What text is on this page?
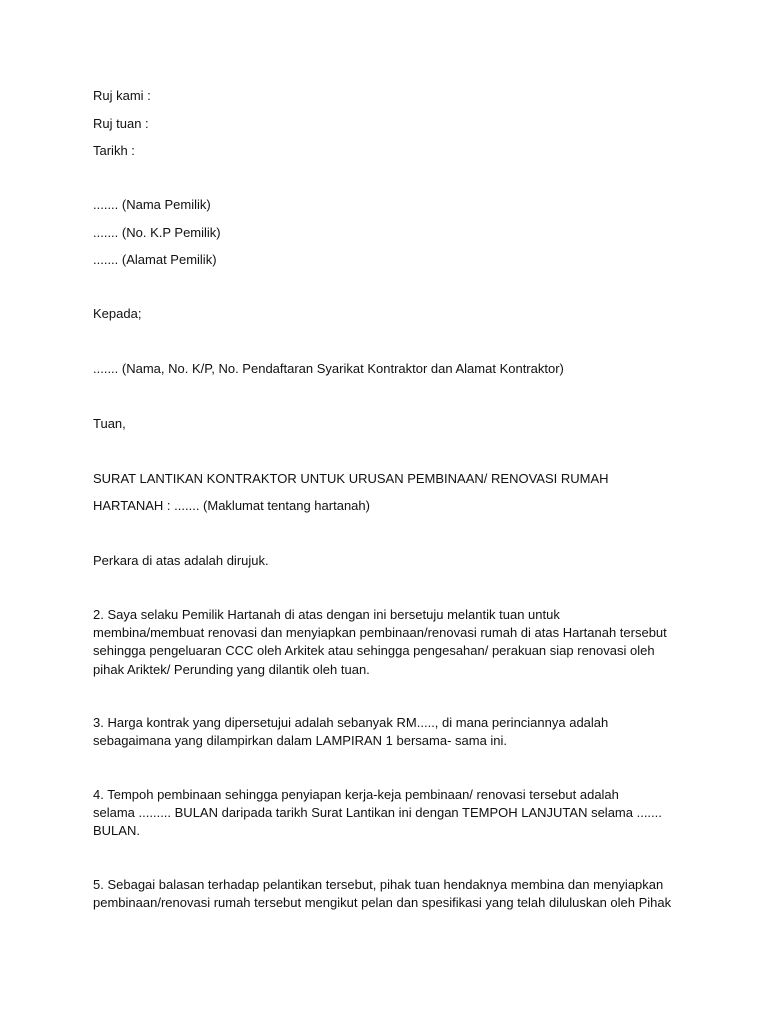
Ruj kami :
Ruj tuan :
Tarikh :
....... (Nama Pemilik)
....... (No. K.P Pemilik)
....... (Alamat Pemilik)
Kepada;
....... (Nama, No. K/P, No. Pendaftaran Syarikat Kontraktor dan Alamat Kontraktor)
Tuan,
SURAT LANTIKAN KONTRAKTOR UNTUK URUSAN PEMBINAAN/ RENOVASI RUMAH
HARTANAH : ....... (Maklumat tentang hartanah)
Perkara di atas adalah dirujuk.
2. Saya selaku Pemilik Hartanah di atas dengan ini bersetuju melantik tuan untuk
membina/membuat renovasi dan menyiapkan pembinaan/renovasi rumah di atas Hartanah tersebut
sehingga pengeluaran CCC oleh Arkitek atau sehingga pengesahan/ perakuan siap renovasi oleh
pihak Ariktek/ Perunding yang dilantik oleh tuan.
3. Harga kontrak yang dipersetujui adalah sebanyak RM....., di mana perinciannya adalah
sebagaimana yang dilampirkan dalam LAMPIRAN 1 bersama- sama ini.
4. Tempoh pembinaan sehingga penyiapan kerja-keja pembinaan/ renovasi tersebut adalah
selama ......... BULAN daripada tarikh Surat Lantikan ini dengan TEMPOH LANJUTAN selama .......
BULAN.
5. Sebagai balasan terhadap pelantikan tersebut, pihak tuan hendaknya membina dan menyiapkan
pembinaan/renovasi rumah tersebut mengikut pelan dan spesifikasi yang telah diluluskan oleh Pihak
